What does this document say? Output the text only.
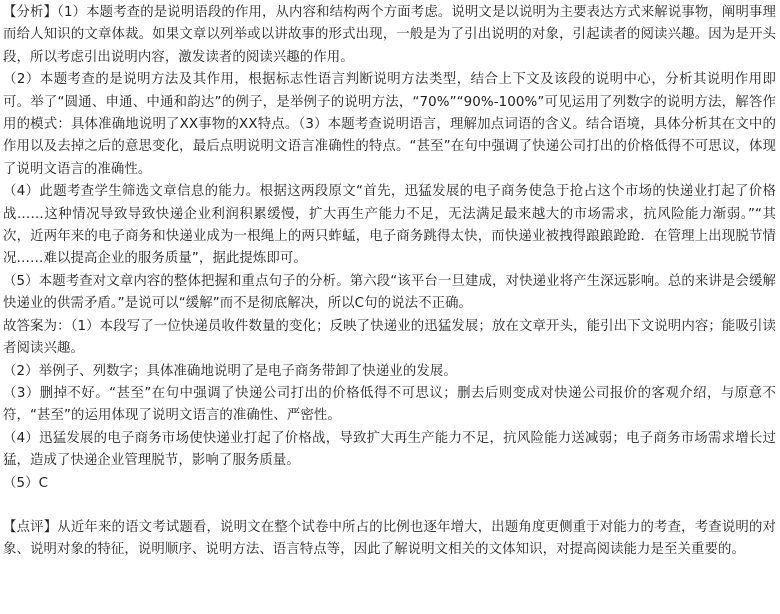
【分析】（1）本题考查的是说明语段的作用，从内容和结构两个方面考虑。说明文是以说明为主要表达方式来解说事物，阐明事理而给人知识的文章体裁。如果文章以列举或以讲故事的形式出现，一般是为了引出说明的对象，引起读者的阅读兴趣。因为是开头段，所以考虑引出说明内容，激发读者的阅读兴趣的作用。

（2）本题考查的是说明方法及其作用，根据标志性语言判断说明方法类型，结合上下文及该段的说明中心，分析其说明作用即可。举了“圆通、申通、中通和韵达”的例子，是举例子的说明方法，“70%”“90%-100%”可见运用了列数字的说明方法，解答作用的模式：具体准确地说明了XX事物的XX特点。（3）本题考查说明语言，理解加点词语的含义。结合语境，具体分析其在文中的作用以及去掉之后的意思变化，最后点明说明文语言准确性的特点。“甚至”在句中强调了快递公司打出的价格低得不可思议，体现了说明文语言的准确性。

（4）此题考查学生筛选文章信息的能力。根据这两段原文“首先，迅猛发展的电子商务使急于抢占这个市场的快递业打起了价格战……这种情况导致导致快递企业利润积累缓慢，扩大再生产能力不足，无法满足最来越大的市场需求，抗风险能力渐弱。”“其次，近两年来的电子商务和快递业成为一根绳上的两只蚱蜢，电子商务跳得太快，而快递业被拽得踉踉跄跄．在管理上出现脱节情况……难以提高企业的服务质量”，据此提炼即可。

（5）本题考查对文章内容的整体把握和重点句子的分析。第六段“该平台一旦建成，对快递业将产生深远影响。总的来讲是会缓解快递业的供需矛盾。”是说可以“缓解”而不是彻底解决，所以C句的说法不正确。

故答案为：（1）本段写了一位快递员收件数量的变化；反映了快递业的迅猛发展；放在文章开头，能引出下文说明内容；能吸引读者阅读兴趣。

（2）举例子、列数字；具体准确地说明了是电子商务带卸了快递业的发展。

（3）删掉不好。“甚至”在句中强调了快递公司打出的价格低得不可思议；删去后则变成对快递公司报价的客观介绍，与原意不符，“甚至”的运用体现了说明文语言的准确性、严密性。

（4）迅猛发展的电子商务市场使快递业打起了价格战，导致扩大再生产能力不足，抗风险能力送减弱；电子商务市场需求增长过猛，造成了快递企业管理脱节，影响了服务质量。

（5）C

【点评】从近年来的语文考试题看，说明文在整个试卷中所占的比例也逐年增大，出题角度更侧重于对能力的考查，考查说明的对象、说明对象的特征，说明顺序、说明方法、语言特点等，因此了解说明文相关的文体知识，对提高阅读能力是至关重要的。
